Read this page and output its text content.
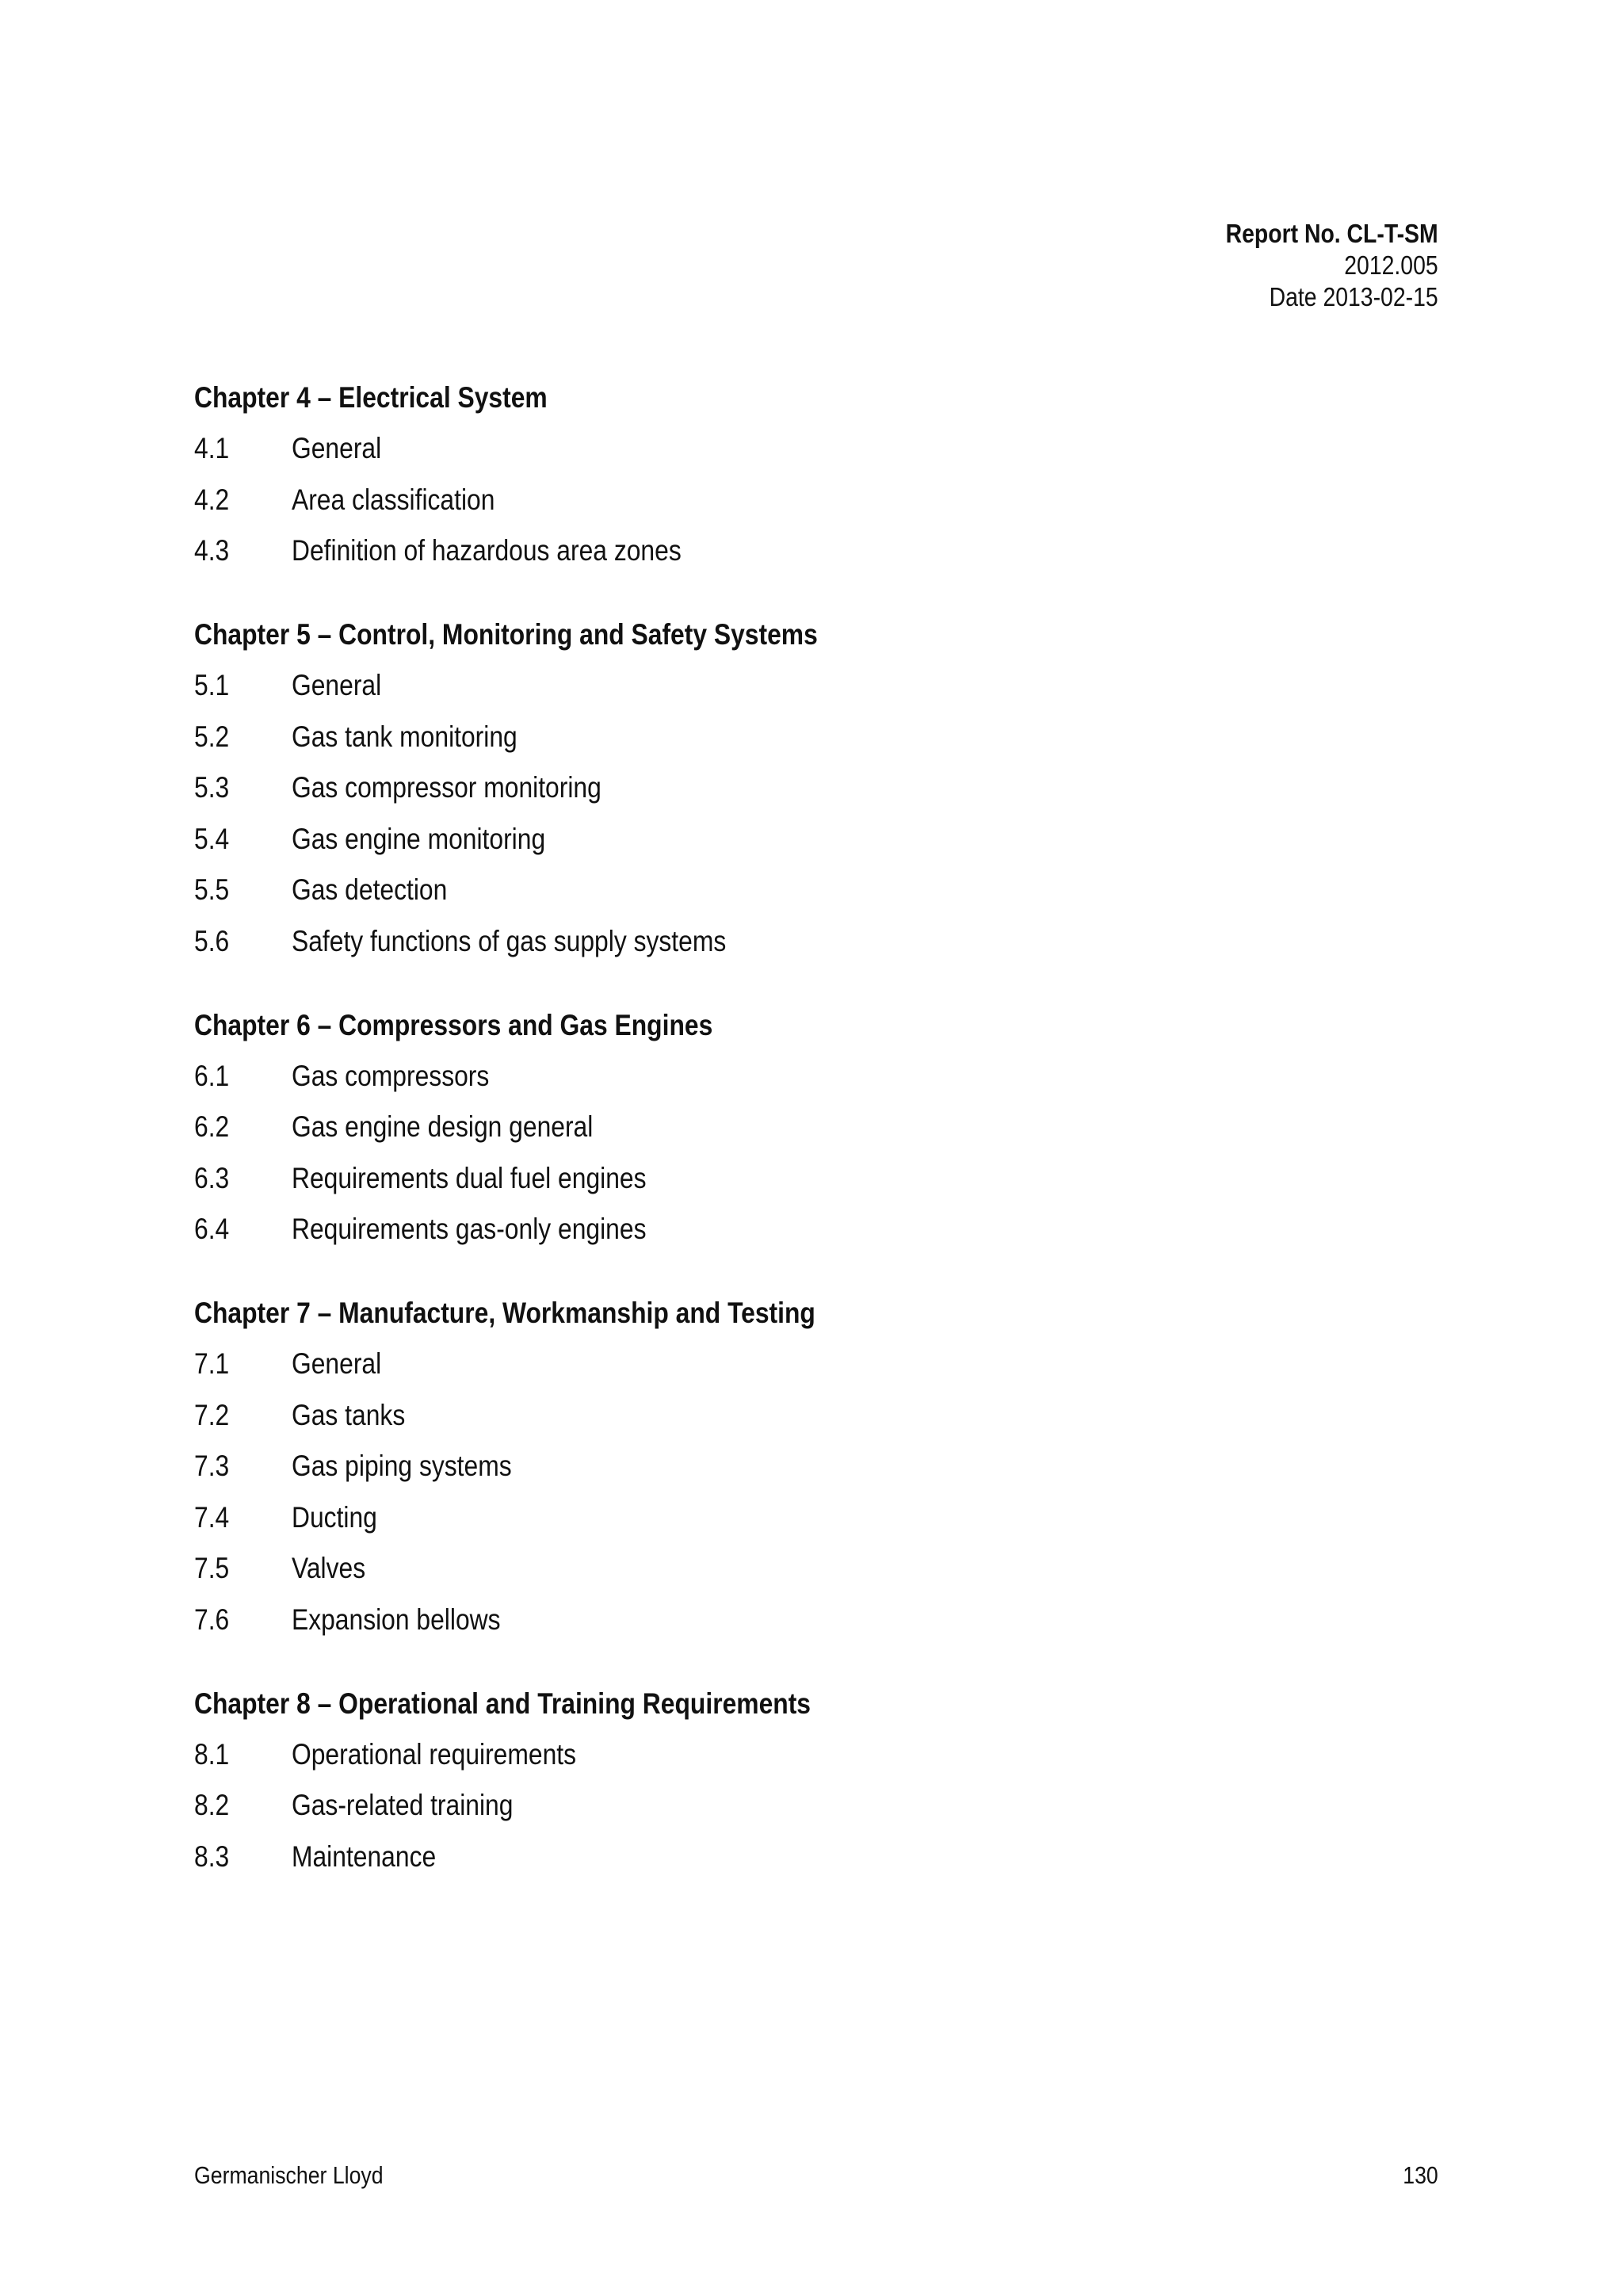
Report No. CL-T-SM
2012.005
Date 2013-02-15
Chapter 4 – Electrical System
4.1	General
4.2	Area classification
4.3	Definition of hazardous area zones
Chapter 5 – Control, Monitoring and Safety Systems
5.1	General
5.2	Gas tank monitoring
5.3	Gas compressor monitoring
5.4	Gas engine monitoring
5.5	Gas detection
5.6	Safety functions of gas supply systems
Chapter 6 – Compressors and Gas Engines
6.1	Gas compressors
6.2	Gas engine design general
6.3	Requirements dual fuel engines
6.4	Requirements gas-only engines
Chapter 7 – Manufacture, Workmanship and Testing
7.1	General
7.2	Gas tanks
7.3	Gas piping systems
7.4	Ducting
7.5	Valves
7.6	Expansion bellows
Chapter 8 – Operational and Training Requirements
8.1	Operational requirements
8.2	Gas-related training
8.3	Maintenance
Germanischer Lloyd	130
